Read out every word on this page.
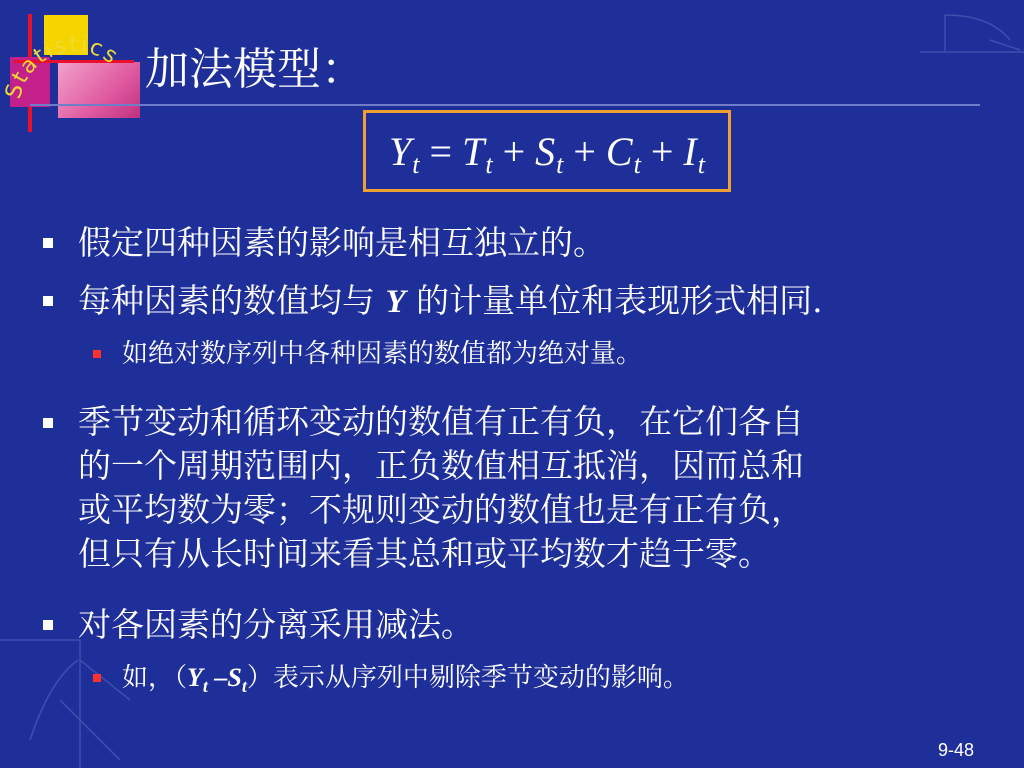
Statistics 加法模型：
Y t = T t + S t + C t + I t
假定四种因素的影响是相互独立的。
每种因素的数值均与 Y 的计量单位和表现形式相同.
如绝对数序列中各种因素的数值都为绝对量。
季节变动和循环变动的数值有正有负，在它们各自
的一个周期范围内，正负数值相互抵消，因而总和
或平均数为零；不规则变动的数值也是有正有负，
但只有从长时间来看其总和或平均数才趋于零。
对各因素的分离采用减法。
如，（$Y_t$ $-S_t$）表示从序列中剔除季节变动的影响。
9-48
